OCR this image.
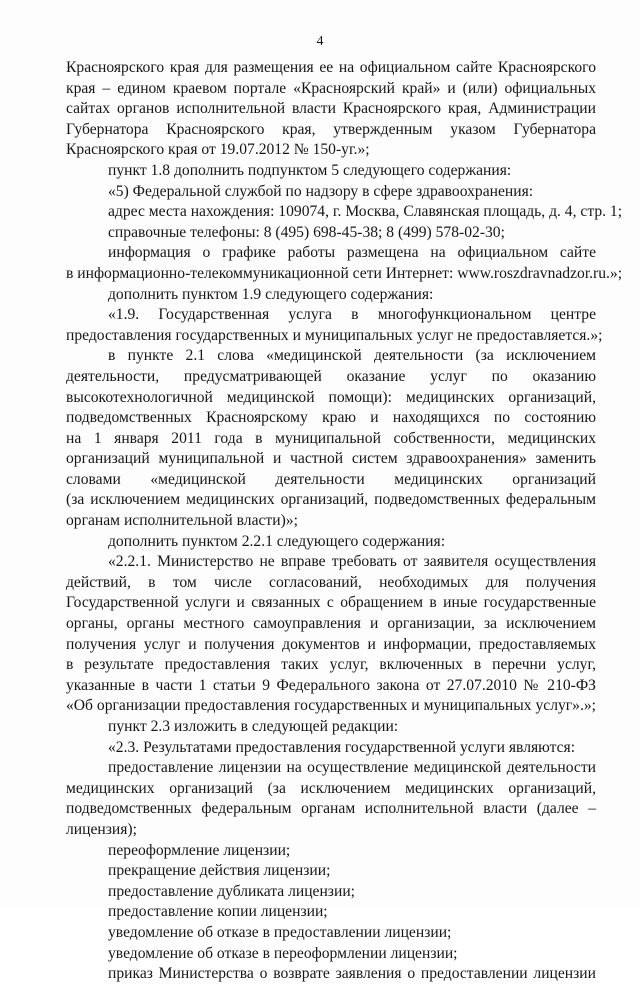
4
Красноярского края для размещения ее на официальном сайте Красноярского
края – едином краевом портале «Красноярский край» и (или) официальных
сайтах органов исполнительной власти Красноярского края, Администрации
Губернатора Красноярского края, утвержденным указом Губернатора
Красноярского края от 19.07.2012 № 150-уг.»;
пункт 1.8 дополнить подпунктом 5 следующего содержания:
«5) Федеральной службой по надзору в сфере здравоохранения:
адрес места нахождения: 109074, г. Москва, Славянская площадь, д. 4, стр. 1;
справочные телефоны: 8 (495) 698-45-38; 8 (499) 578-02-30;
информация о графике работы размещена на официальном сайте
в информационно-телекоммуникационной сети Интернет: www.roszdravnadzor.ru.»;
дополнить пунктом 1.9 следующего содержания:
«1.9. Государственная услуга в многофункциональном центре
предоставления государственных и муниципальных услуг не предоставляется.»;
в пункте 2.1 слова «медицинской деятельности (за исключением
деятельности, предусматривающей оказание услуг по оказанию
высокотехнологичной медицинской помощи): медицинских организаций,
подведомственных Красноярскому краю и находящихся по состоянию
на 1 января 2011 года в муниципальной собственности, медицинских
организаций муниципальной и частной систем здравоохранения» заменить
словами «медицинской деятельности медицинских организаций
(за исключением медицинских организаций, подведомственных федеральным
органам исполнительной власти)»;
дополнить пунктом 2.2.1 следующего содержания:
«2.2.1. Министерство не вправе требовать от заявителя осуществления
действий, в том числе согласований, необходимых для получения
Государственной услуги и связанных с обращением в иные государственные
органы, органы местного самоуправления и организации, за исключением
получения услуг и получения документов и информации, предоставляемых
в результате предоставления таких услуг, включенных в перечни услуг,
указанные в части 1 статьи 9 Федерального закона от 27.07.2010 № 210-ФЗ
«Об организации предоставления государственных и муниципальных услуг».»;
пункт 2.3 изложить в следующей редакции:
«2.3. Результатами предоставления государственной услуги являются:
предоставление лицензии на осуществление медицинской деятельности
медицинских организаций (за исключением медицинских организаций,
подведомственных федеральным органам исполнительной власти (далее –
лицензия);
переоформление лицензии;
прекращение действия лицензии;
предоставление дубликата лицензии;
предоставление копии лицензии;
уведомление об отказе в предоставлении лицензии;
уведомление об отказе в переоформлении лицензии;
приказ Министерства о возврате заявления о предоставлении лицензии
